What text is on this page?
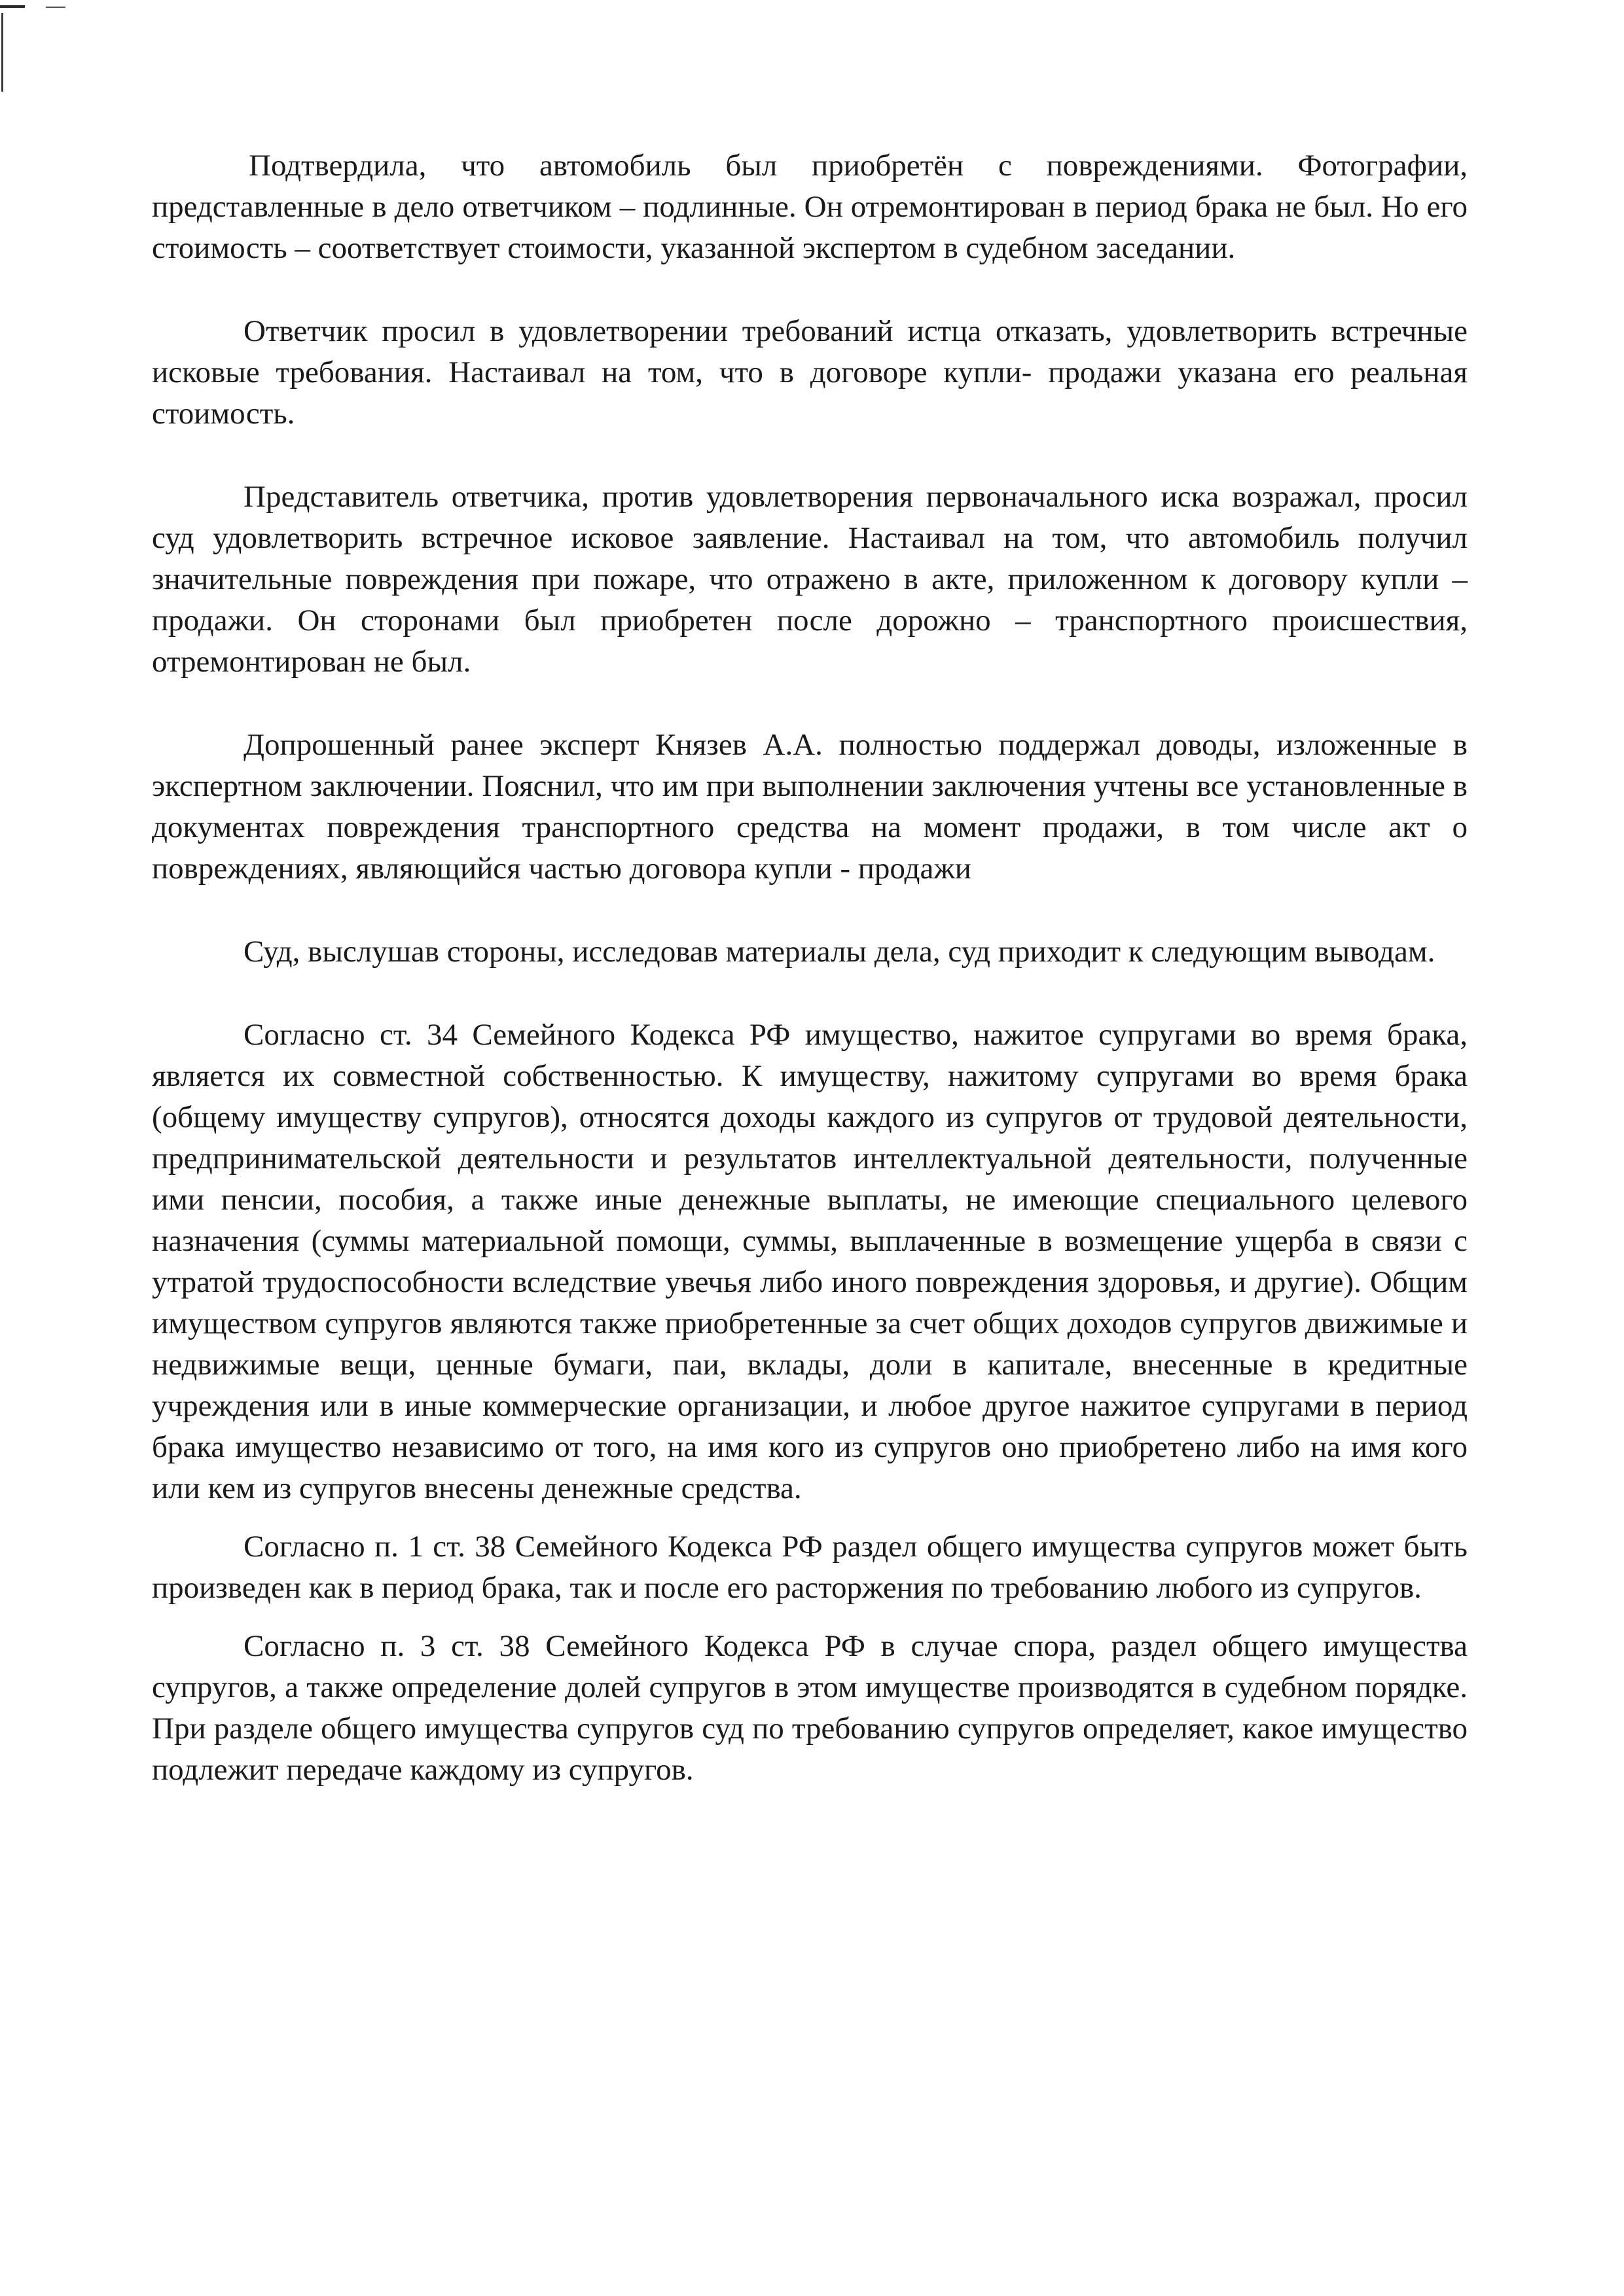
Подтвердила, что автомобиль был приобретён с повреждениями. Фотографии, представленные в дело ответчиком – подлинные. Он отремонтирован в период брака не был. Но его стоимость – соответствует стоимости, указанной экспертом в судебном заседании.

Ответчик просил в удовлетворении требований истца отказать, удовлетворить встречные исковые требования. Настаивал на том, что в договоре купли- продажи указана его реальная стоимость.

Представитель ответчика, против удовлетворения первоначального иска возражал, просил суд удовлетворить встречное исковое заявление. Настаивал на том, что автомобиль получил значительные повреждения при пожаре, что отражено в акте, приложенном к договору купли – продажи. Он сторонами был приобретен после дорожно – транспортного происшествия, отремонтирован не был.

Допрошенный ранее эксперт Князев А.А. полностью поддержал доводы, изложенные в экспертном заключении. Пояснил, что им при выполнении заключения учтены все установленные в документах повреждения транспортного средства на момент продажи, в том числе акт о повреждениях, являющийся частью договора купли - продажи

Суд, выслушав стороны, исследовав материалы дела, суд приходит к следующим выводам.

Согласно ст. 34 Семейного Кодекса РФ имущество, нажитое супругами во время брака, является их совместной собственностью. К имуществу, нажитому супругами во время брака (общему имуществу супругов), относятся доходы каждого из супругов от трудовой деятельности, предпринимательской деятельности и результатов интеллектуальной деятельности, полученные ими пенсии, пособия, а также иные денежные выплаты, не имеющие специального целевого назначения (суммы материальной помощи, суммы, выплаченные в возмещение ущерба в связи с утратой трудоспособности вследствие увечья либо иного повреждения здоровья, и другие). Общим имуществом супругов являются также приобретенные за счет общих доходов супругов движимые и недвижимые вещи, ценные бумаги, паи, вклады, доли в капитале, внесенные в кредитные учреждения или в иные коммерческие организации, и любое другое нажитое супругами в период брака имущество независимо от того, на имя кого из супругов оно приобретено либо на имя кого или кем из супругов внесены денежные средства.

Согласно п. 1 ст. 38 Семейного Кодекса РФ раздел общего имущества супругов может быть произведен как в период брака, так и после его расторжения по требованию любого из супругов.

Согласно п. 3 ст. 38 Семейного Кодекса РФ в случае спора, раздел общего имущества супругов, а также определение долей супругов в этом имуществе производятся в судебном порядке. При разделе общего имущества супругов суд по требованию супругов определяет, какое имущество подлежит передаче каждому из супругов.
